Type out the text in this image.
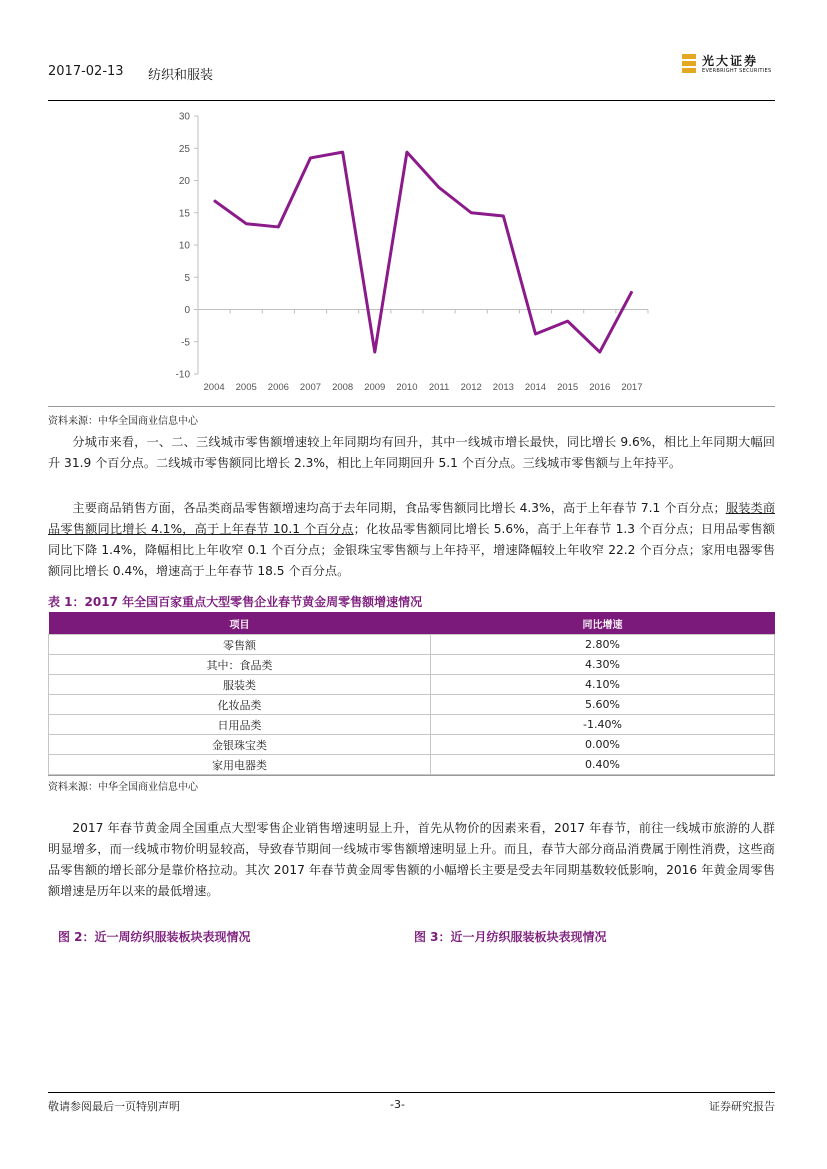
2017-02-13 纺织和服装
光大证券
EVERBRIGHT SECURITIES
30
25
20
15
10
5
0
-5
-10
2004 2005 2006 2007 2008 2009 2010 2011 2012 2013 2014 2015 2016 2017
资料来源：中华全国商业信息中心
分城市来看，一、二、三线城市零售额增速较上年同期均有回升，其中一线城市增长最快，同比增长 9.6%，相比上年同期大幅回升 31.9 个百分点。二线城市零售额同比增长 2.3%，相比上年同期回升 5.1 个百分点。三线城市零售额与上年持平。
主要商品销售方面，各品类商品零售额增速均高于去年同期，食品零售额同比增长 4.3%，高于上年春节 7.1 个百分点；服装类商品零售额同比增长 4.1%，高于上年春节 10.1 个百分点；化妆品零售额同比增长 5.6%，高于上年春节 1.3 个百分点；日用品零售额同比下降 1.4%，降幅相比上年收窄 0.1 个百分点；金银珠宝零售额与上年持平，增速降幅较上年收窄 22.2 个百分点；家用电器零售额同比增长 0.4%，增速高于上年春节 18.5 个百分点。
表 1：2017 年全国百家重点大型零售企业春节黄金周零售额增速情况
项目	同比增速
零售额	2.80%
其中：食品类	4.30%
服装类	4.10%
化妆品类	5.60%
日用品类	-1.40%
金银珠宝类	0.00%
家用电器类	0.40%
资料来源：中华全国商业信息中心
2017 年春节黄金周全国重点大型零售企业销售增速明显上升，首先从物价的因素来看，2017 年春节，前往一线城市旅游的人群明显增多，而一线城市物价明显较高，导致春节期间一线城市零售额增速明显上升。而且，春节大部分商品消费属于刚性消费，这些商品零售额的增长部分是靠价格拉动。其次 2017 年春节黄金周零售额的小幅增长主要是受去年同期基数较低影响，2016 年黄金周零售额增速是历年以来的最低增速。
图 2：近一周纺织服装板块表现情况	图 3：近一月纺织服装板块表现情况
敬请参阅最后一页特别声明	-3-	证券研究报告
